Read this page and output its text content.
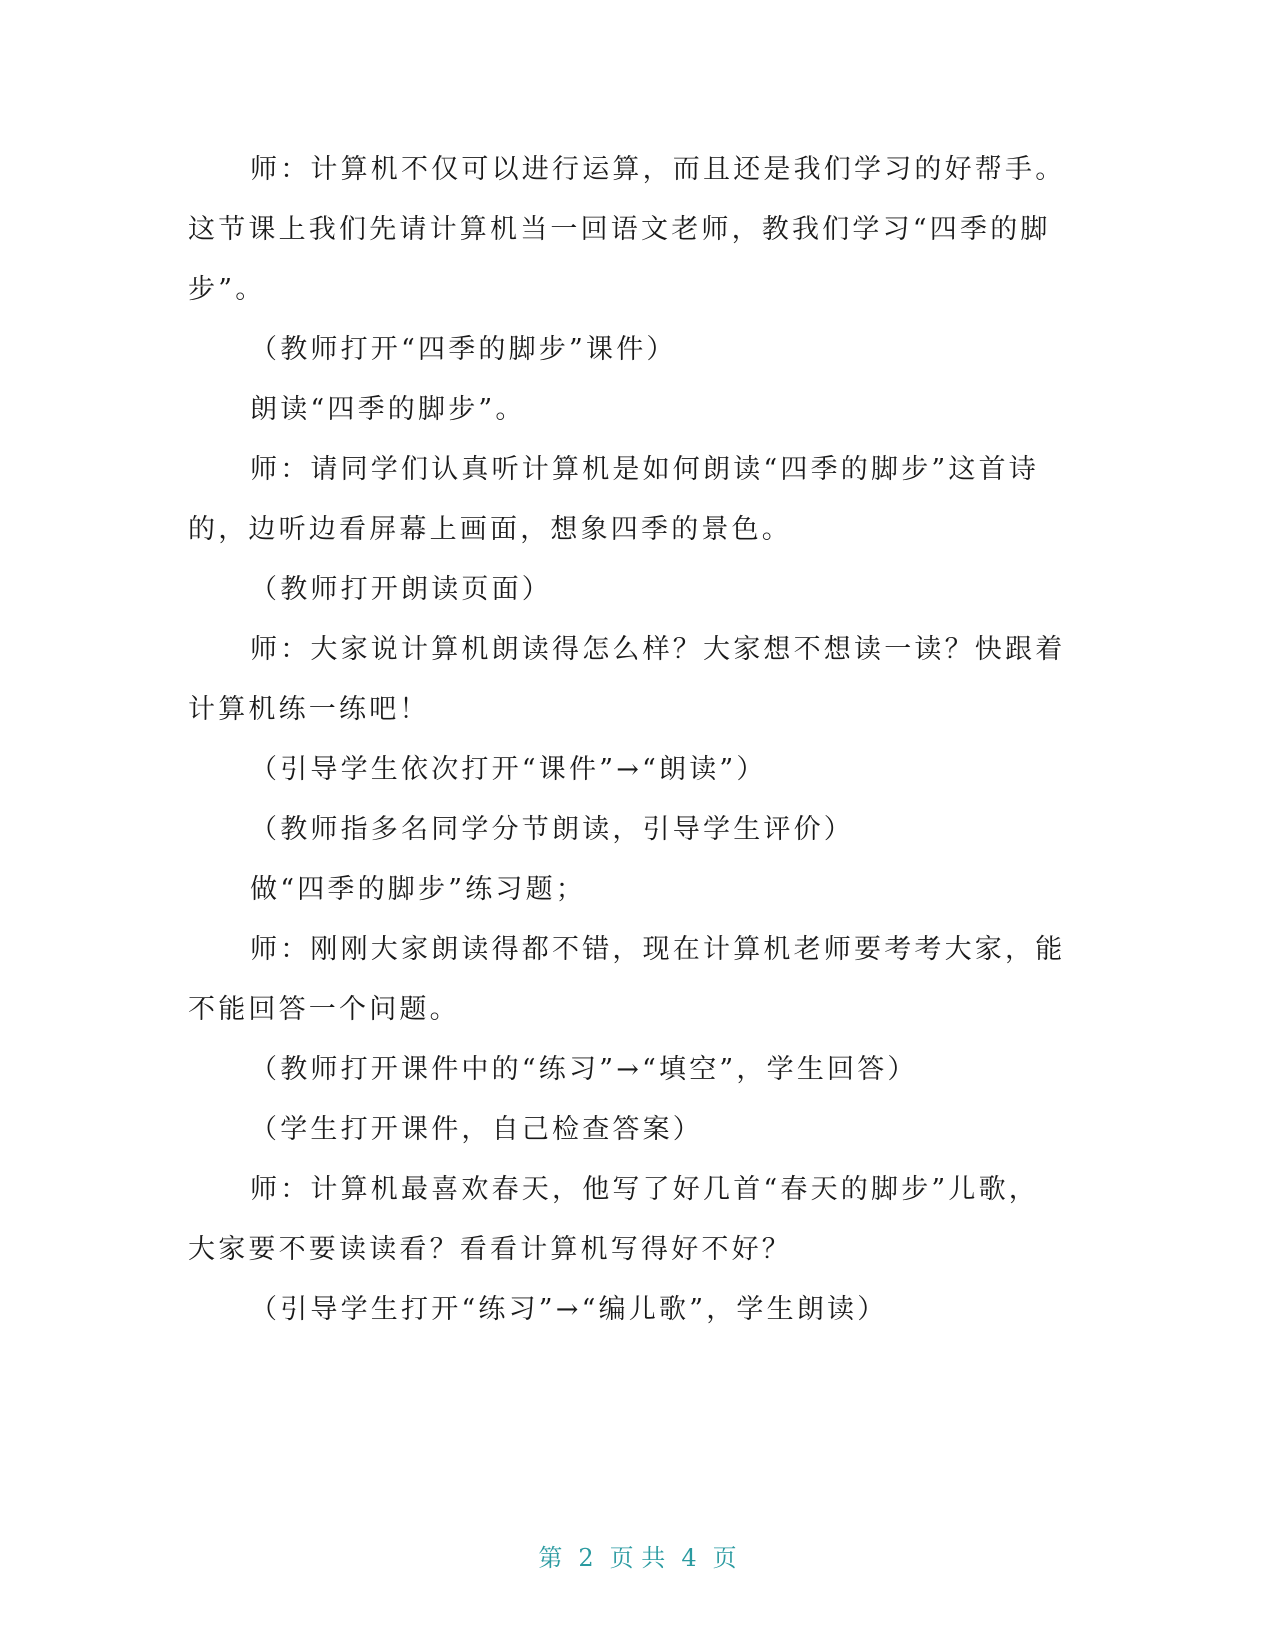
师：计算机不仅可以进行运算，而且还是我们学习的好帮手。这节课上我们先请计算机当一回语文老师，教我们学习“四季的脚步”。

（教师打开“四季的脚步”课件）

朗读“四季的脚步”。

师：请同学们认真听计算机是如何朗读“四季的脚步”这首诗的，边听边看屏幕上画面，想象四季的景色。

（教师打开朗读页面）

师：大家说计算机朗读得怎么样？大家想不想读一读？快跟着计算机练一练吧！

（引导学生依次打开“课件”→“朗读”）

（教师指多名同学分节朗读，引导学生评价）

做“四季的脚步”练习题；

师：刚刚大家朗读得都不错，现在计算机老师要考考大家，能不能回答一个问题。

（教师打开课件中的“练习”→“填空”，学生回答）

（学生打开课件，自己检查答案）

师：计算机最喜欢春天，他写了好几首“春天的脚步”儿歌，大家要不要读读看？看看计算机写得好不好？

（引导学生打开“练习”→“编儿歌”，学生朗读）

第 2 页 共 4 页
